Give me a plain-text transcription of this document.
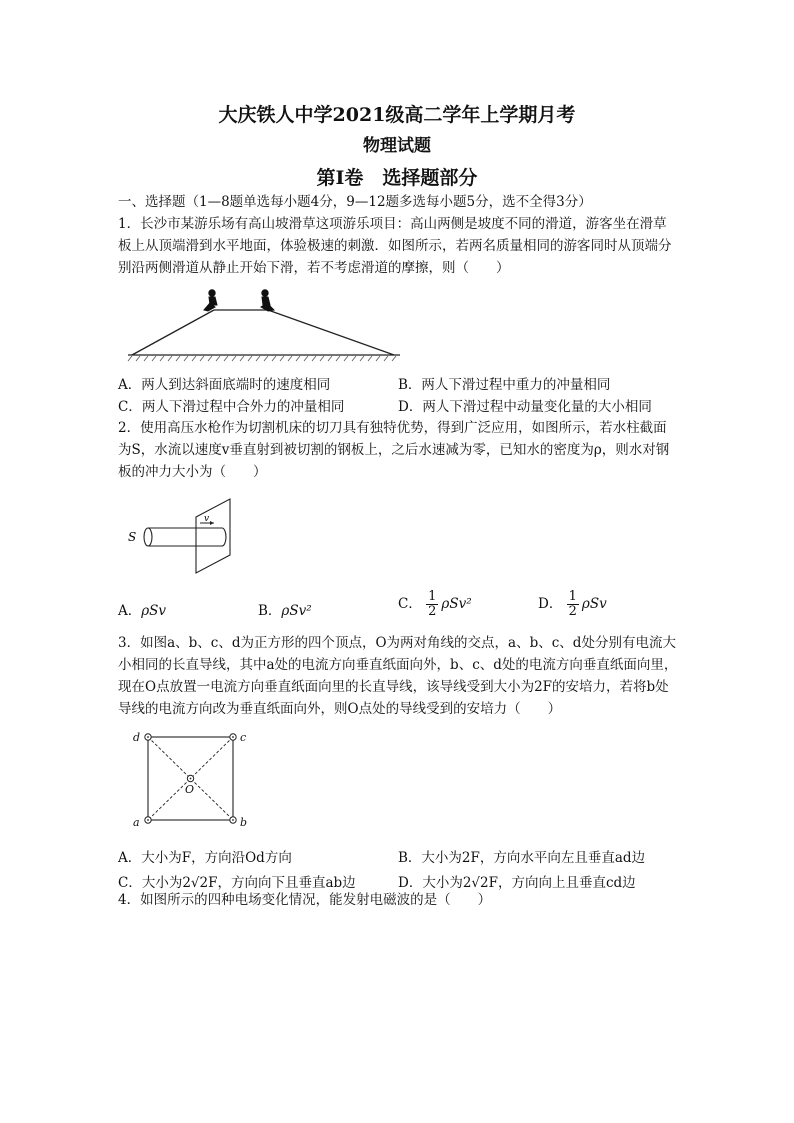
大庆铁人中学2021级高二学年上学期月考
物理试题
第Ⅰ卷　选择题部分
一、选择题（1—8题单选每小题4分，9—12题多选每小题5分，选不全得3分）
1．长沙市某游乐场有高山坡滑草这项游乐项目：高山两侧是坡度不同的滑道，游客坐在滑草板上从顶端滑到水平地面，体验极速的刺激．如图所示，若两名质量相同的游客同时从顶端分别沿两侧滑道从静止开始下滑，若不考虑滑道的摩擦，则（　　）
A．两人到达斜面底端时的速度相同	B．两人下滑过程中重力的冲量相同
C．两人下滑过程中合外力的冲量相同	D．两人下滑过程中动量变化量的大小相同
2．使用高压水枪作为切割机床的切刀具有独特优势，得到广泛应用，如图所示，若水柱截面为S，水流以速度v垂直射到被切割的钢板上，之后水速减为零，已知水的密度为ρ，则水对钢板的冲力大小为（　　）
v
S
A．ρSv	B．ρSv²	C． $\frac{1}{2} \rho Sv^2$	D． $\frac{1}{2}$ ρSv
3．如图a、b、c、d为正方形的四个顶点，O为两对角线的交点，a、b、c、d处分别有电流大小相同的长直导线，其中a处的电流方向垂直纸面向外，b、c、d处的电流方向垂直纸面向里，现在O点放置一电流方向垂直纸面向里的长直导线，该导线受到大小为2F的安培力，若将b处导线的电流方向改为垂直纸面向外，则O点处的导线受到的安培力（　　）
d	c
a	b
O
A．大小为F，方向沿Od方向	B．大小为2F，方向水平向左且垂直ad边
C．大小为2√2F，方向向下且垂直ab边	D．大小为2√2F，方向向上且垂直cd边
4．如图所示的四种电场变化情况，能发射电磁波的是（　　）
